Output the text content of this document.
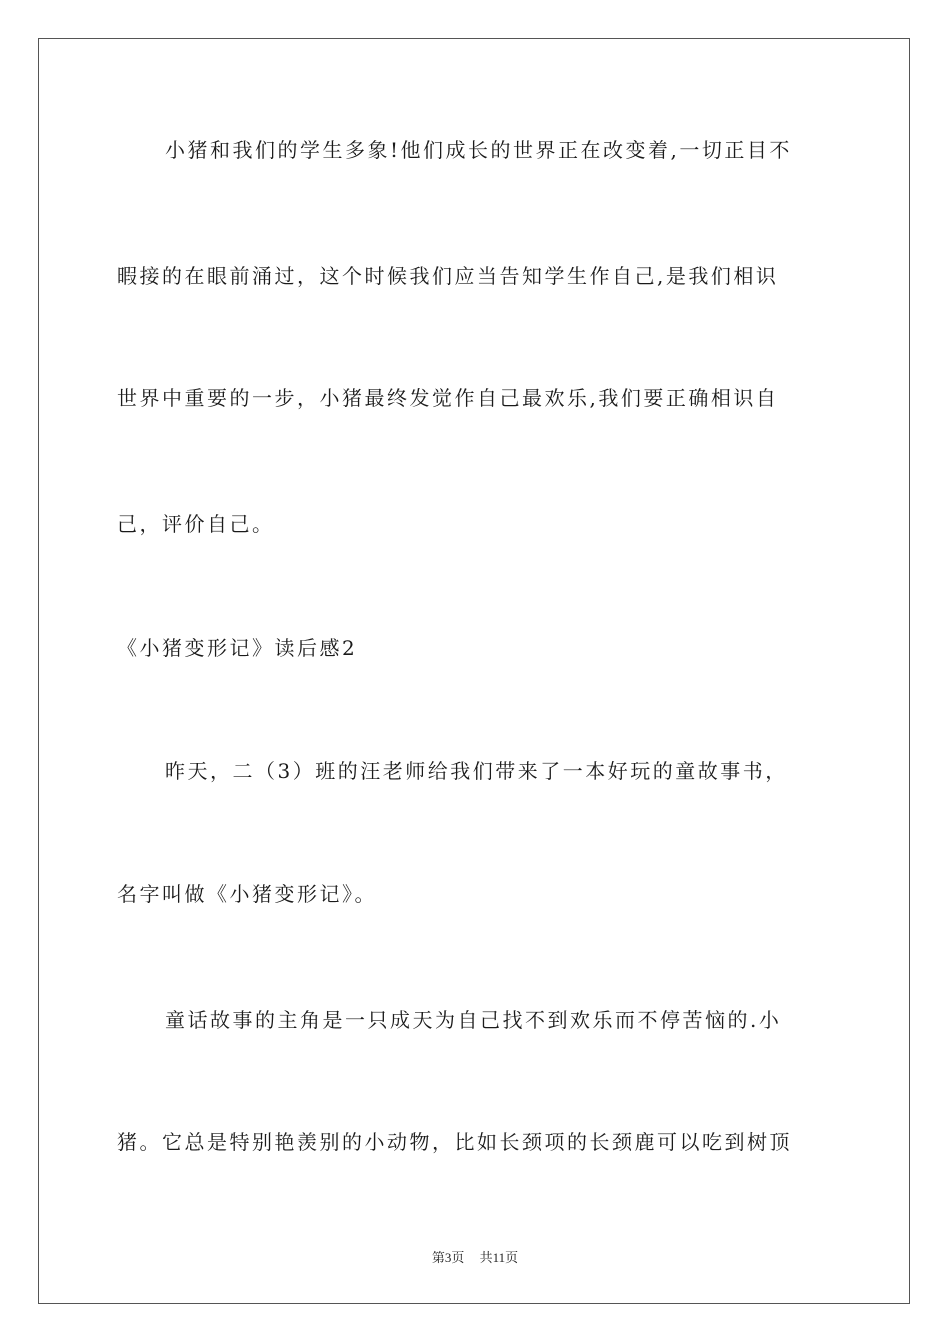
小猪和我们的学生多象!他们成长的世界正在改变着,一切正目不
暇接的在眼前涌过，这个时候我们应当告知学生作自己,是我们相识
世界中重要的一步，小猪最终发觉作自己最欢乐,我们要正确相识自
己，评价自己。
《小猪变形记》读后感2
昨天，二（3）班的汪老师给我们带来了一本好玩的童故事书，
名字叫做《小猪变形记》。
童话故事的主角是一只成天为自己找不到欢乐而不停苦恼的.小
猪。它总是特别艳羡别的小动物，比如长颈项的长颈鹿可以吃到树顶
第3页 共11页
